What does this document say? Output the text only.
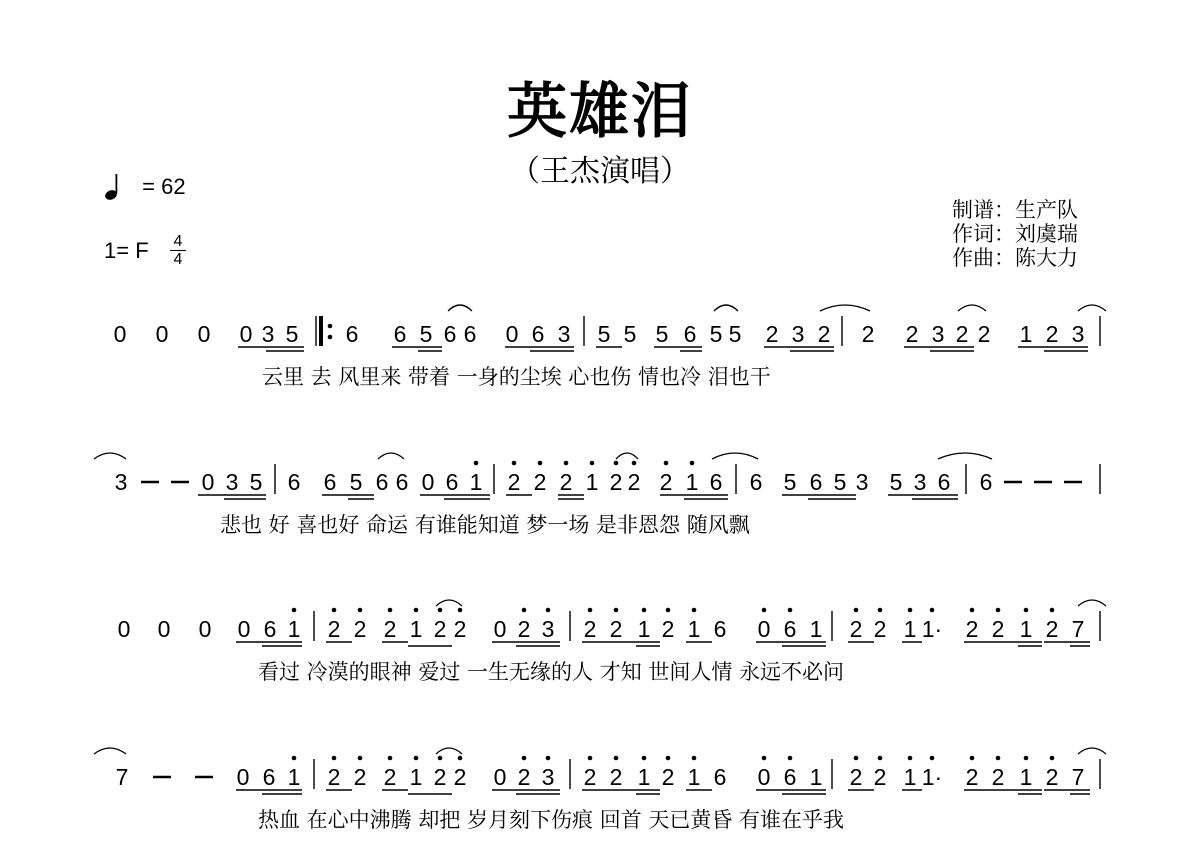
英雄泪
（王杰演唱）
= 62
1= F 4
4
制谱：生产队
作词：刘虞瑞
作曲：陈大力
0 0 0 0 3 5 6 6 5 6 6 0 6 3 5 5 5 6 5 5 2 3 2 2 2 3 2 2 1 2 3
云里 去 风里来 带着 一身的尘埃 心也伤 情也冷 泪也干
3	0 3 5 6 6 5 6 6 0 6 1 2 2 2 1 2 2 2 1 6 6 5 6 5 3 5 3 6 6
悲也 好 喜也好 命运 有谁能知道 梦一场 是非恩怨 随风飘
0 0 0 0 6 1 2 2 2 1 2 2 0 2 3 2 2 1 2 1 6 0 6 1 2 2 1 1· 2 2 1 2 7
看过 冷漠的眼神 爱过 一生无缘的人 才知 世间人情 永远不必问
7	0 6 1 2 2 2 1 2 2 0 2 3 2 2 1 2 1 6 0 6 1 2 2 1 1· 2 2 1 2 7
热血 在心中沸腾 却把 岁月刻下伤痕 回首 天已黄昏 有谁在乎我
